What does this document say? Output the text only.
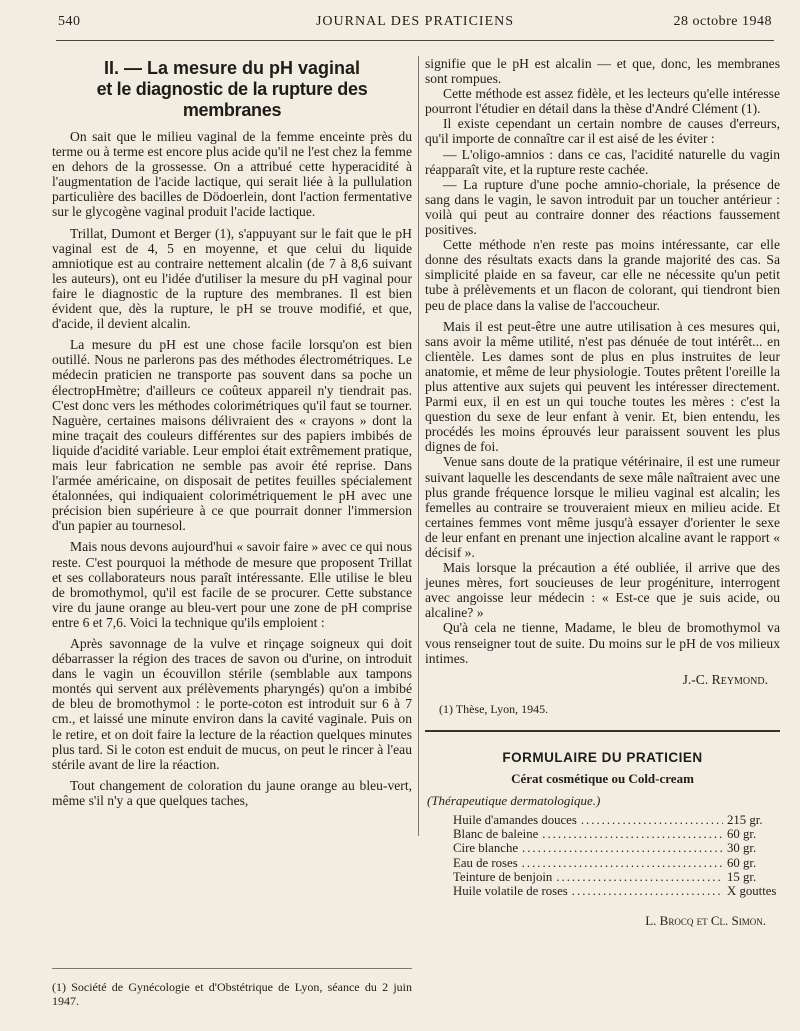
540	JOURNAL DES PRATICIENS	28 octobre 1948
II. — La mesure du pH vaginal
et le diagnostic de la rupture des membranes

On sait que le milieu vaginal de la femme enceinte près du terme ou à terme est encore plus acide qu'il ne l'est chez la femme en dehors de la grossesse. On a attribué cette hyperacidité à l'augmentation de l'acide lactique, qui serait liée à la pullulation particulière des bacilles de Dödoerlein, dont l'action fermentative sur le glycogène vaginal produit l'acide lactique.

Trillat, Dumont et Berger (1), s'appuyant sur le fait que le pH vaginal est de 4, 5 en moyenne, et que celui du liquide amniotique est au contraire nettement alcalin (de 7 à 8,6 suivant les auteurs), ont eu l'idée d'utiliser la mesure du pH vaginal pour faire le diagnostic de la rupture des membranes. Il est bien évident que, dès la rupture, le pH se trouve modifié, et que, d'acide, il devient alcalin.

La mesure du pH est une chose facile lorsqu'on est bien outillé. Nous ne parlerons pas des méthodes électrométriques. Le médecin praticien ne transporte pas souvent dans sa poche un électropHmètre; d'ailleurs ce coûteux appareil n'y tiendrait pas. C'est donc vers les méthodes colorimétriques qu'il faut se tourner. Naguère, certaines maisons délivraient des « crayons » dont la mine traçait des couleurs différentes sur des papiers imbibés de liquide d'acidité variable. Leur emploi était extrêmement pratique, mais leur fabrication ne semble pas avoir été reprise. Dans l'armée américaine, on disposait de petites feuilles spécialement étalonnées, qui indiquaient colorimétriquement le pH avec une précision bien supérieure à ce que pourrait donner l'immersion d'un papier au tournesol.

Mais nous devons aujourd'hui « savoir faire » avec ce qui nous reste. C'est pourquoi la méthode de mesure que proposent Trillat et ses collaborateurs nous paraît intéressante. Elle utilise le bleu de bromothymol, qu'il est facile de se procurer. Cette substance vire du jaune orange au bleu-vert pour une zone de pH comprise entre 6 et 7,6. Voici la technique qu'ils emploient :

Après savonnage de la vulve et rinçage soigneux qui doit débarrasser la région des traces de savon ou d'urine, on introduit dans le vagin un écouvillon stérile (semblable aux tampons montés qui servent aux prélèvements pharyngés) qu'on a imbibé de bleu de bromothymol : le porte-coton est introduit sur 6 à 7 cm., et laissé une minute environ dans la cavité vaginale. Puis on le retire, et on doit faire la lecture de la réaction quelques minutes plus tard. Si le coton est enduit de mucus, on peut le rincer à l'eau stérile avant de lire la réaction.

Tout changement de coloration du jaune orange au bleu-vert, même s'il n'y a que quelques taches,

(1) Société de Gynécologie et d'Obstétrique de Lyon, séance du 2 juin 1947.

signifie que le pH est alcalin — et que, donc, les membranes sont rompues.

Cette méthode est assez fidèle, et les lecteurs qu'elle intéresse pourront l'étudier en détail dans la thèse d'André Clément (1).

Il existe cependant un certain nombre de causes d'erreurs, qu'il importe de connaître car il est aisé de les éviter :

— L'oligo-amnios : dans ce cas, l'acidité naturelle du vagin réapparaît vite, et la rupture reste cachée.

— La rupture d'une poche amnio-choriale, la présence de sang dans le vagin, le savon introduit par un toucher antérieur : voilà qui peut au contraire donner des réactions faussement positives.

Cette méthode n'en reste pas moins intéressante, car elle donne des résultats exacts dans la grande majorité des cas. Sa simplicité plaide en sa faveur, car elle ne nécessite qu'un petit tube à prélèvements et un flacon de colorant, qui tiendront bien peu de place dans la valise de l'accoucheur.

Mais il est peut-être une autre utilisation à ces mesures qui, sans avoir la même utilité, n'est pas dénuée de tout intérêt... en clientèle. Les dames sont de plus en plus instruites de leur anatomie, et même de leur physiologie. Toutes prêtent l'oreille la plus attentive aux sujets qui peuvent les intéresser directement. Parmi eux, il en est un qui touche toutes les mères : c'est la question du sexe de leur enfant à venir. Et, bien entendu, les procédés les moins éprouvés leur paraissent souvent les plus dignes de foi.

Venue sans doute de la pratique vétérinaire, il est une rumeur suivant laquelle les descendants de sexe mâle naîtraient avec une plus grande fréquence lorsque le milieu vaginal est alcalin; les femelles au contraire se trouveraient mieux en milieu acide. Et certaines femmes vont même jusqu'à essayer d'orienter le sexe de leur enfant en prenant une injection alcaline avant le rapport « décisif ».

Mais lorsque la précaution a été oubliée, il arrive que des jeunes mères, fort soucieuses de leur progéniture, interrogent avec angoisse leur médecin : « Est-ce que je suis acide, ou alcaline? »

Qu'à cela ne tienne, Madame, le bleu de bromothymol va vous renseigner tout de suite. Du moins sur le pH de vos milieux intimes.

J.-C. Reymond.
(1) Thèse, Lyon, 1945.
FORMULAIRE DU PRATICIEN
Cérat cosmétique ou Cold-cream
(Thérapeutique dermatologique.)
Huile d'amandes douces .....	215 gr.
Blanc de baleine .....	60 gr.
Cire blanche .....	30 gr.
Eau de roses .....	60 gr.
Teinture de benjoin .....	15 gr.
Huile volatile de roses .....	X gouttes
L. Brocq et Cl. Simon.
